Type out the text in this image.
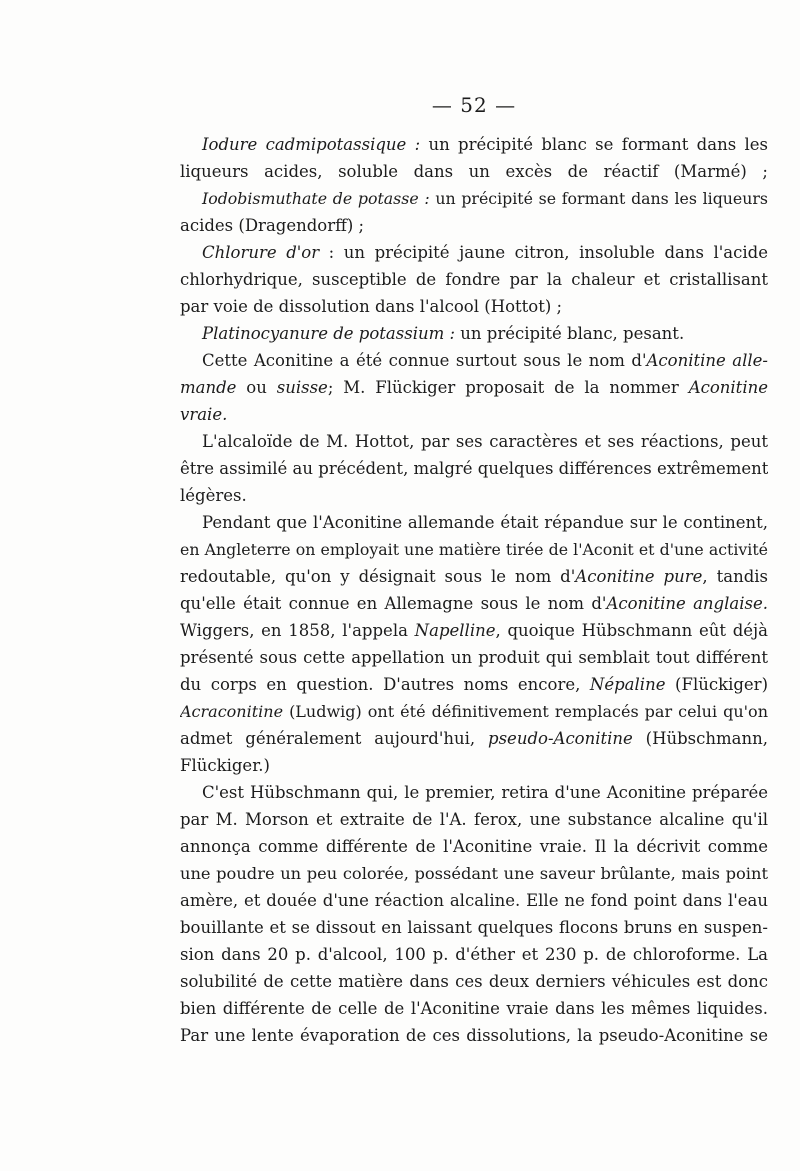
— 52 —
Iodure cadmipotassique : un précipité blanc se formant dans les
liqueurs acides, soluble dans un excès de réactif (Marmé) ;
Iodobismuthate de potasse : un précipité se formant dans les liqueurs
acides (Dragendorff) ;
Chlorure d'or : un précipité jaune citron, insoluble dans l'acide
chlorhydrique, susceptible de fondre par la chaleur et cristallisant
par voie de dissolution dans l'alcool (Hottot) ;
Platinocyanure de potassium : un précipité blanc, pesant.
Cette Aconitine a été connue surtout sous le nom d'Aconitine alle-
mande ou suisse; M. Flückiger proposait de la nommer Aconitine
vraie.
L'alcaloïde de M. Hottot, par ses caractères et ses réactions, peut
être assimilé au précédent, malgré quelques différences extrêmement
légères.
Pendant que l'Aconitine allemande était répandue sur le continent,
en Angleterre on employait une matière tirée de l'Aconit et d'une activité
redoutable, qu'on y désignait sous le nom d'Aconitine pure, tandis
qu'elle était connue en Allemagne sous le nom d'Aconitine anglaise.
Wiggers, en 1858, l'appela Napelline, quoique Hübschmann eût déjà
présenté sous cette appellation un produit qui semblait tout différent
du corps en question. D'autres noms encore, Népaline (Flückiger)
Acraconitine (Ludwig) ont été définitivement remplacés par celui qu'on
admet généralement aujourd'hui, pseudo-Aconitine (Hübschmann,
Flückiger.)
C'est Hübschmann qui, le premier, retira d'une Aconitine préparée
par M. Morson et extraite de l'A. ferox, une substance alcaline qu'il
annonça comme différente de l'Aconitine vraie. Il la décrivit comme
une poudre un peu colorée, possédant une saveur brûlante, mais point
amère, et douée d'une réaction alcaline. Elle ne fond point dans l'eau
bouillante et se dissout en laissant quelques flocons bruns en suspen-
sion dans 20 p. d'alcool, 100 p. d'éther et 230 p. de chloroforme. La
solubilité de cette matière dans ces deux derniers véhicules est donc
bien différente de celle de l'Aconitine vraie dans les mêmes liquides.
Par une lente évaporation de ces dissolutions, la pseudo-Aconitine se
